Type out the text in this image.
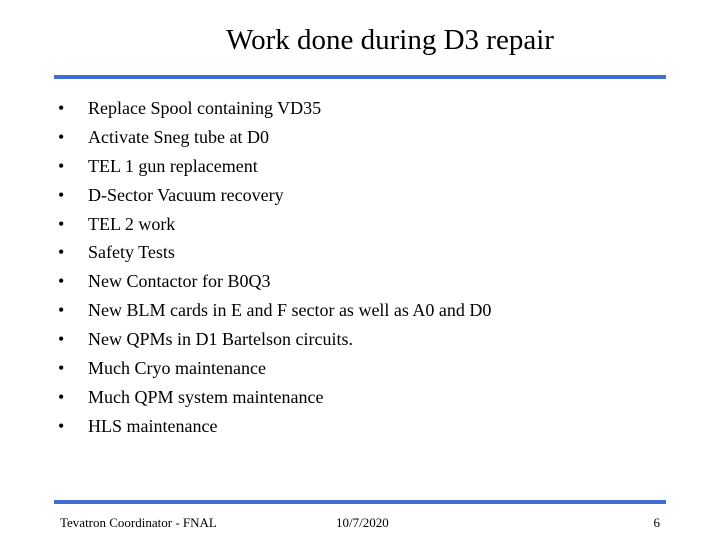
Work done during D3 repair
•	Replace Spool containing VD35
•	Activate Sneg tube at D0
•	TEL 1 gun replacement
•	D-Sector Vacuum recovery
•	TEL 2 work
•	Safety Tests
•	New Contactor for B0Q3
•	New BLM cards in E and F sector as well as A0 and D0
•	New QPMs in D1 Bartelson circuits.
•	Much Cryo maintenance
•	Much QPM system maintenance
•	HLS maintenance
Tevatron Coordinator - FNAL	10/7/2020	6
